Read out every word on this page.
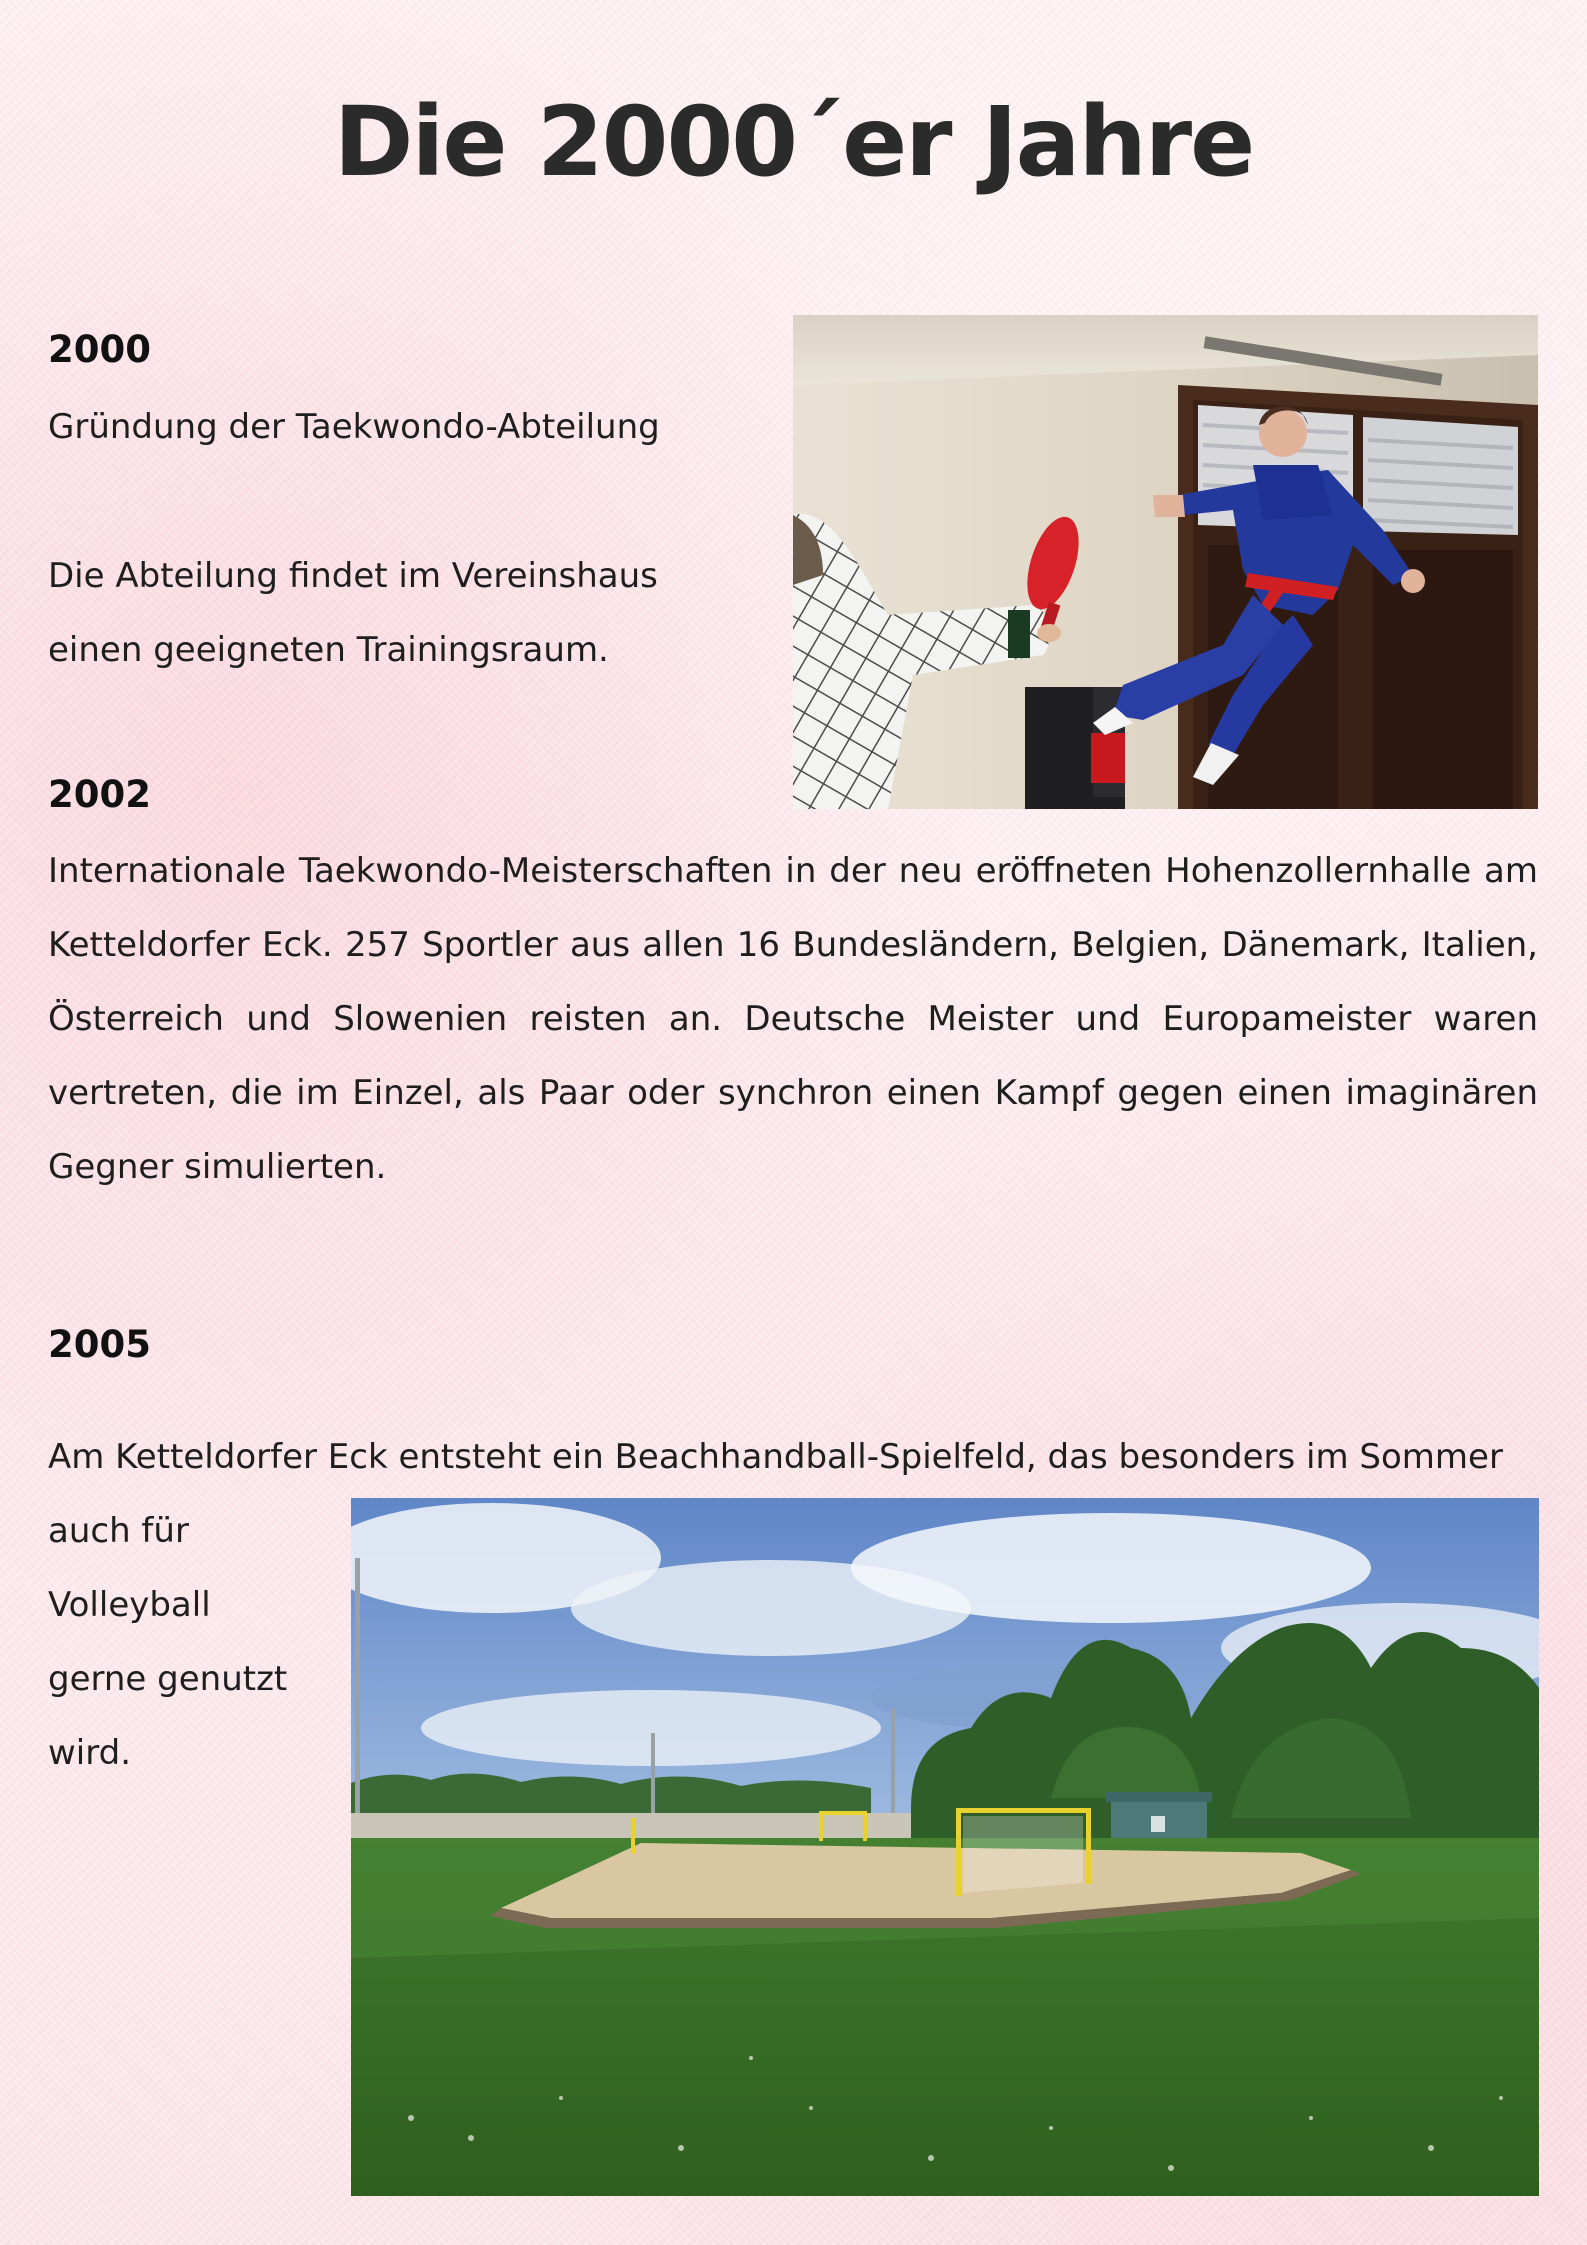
Die 2000´er Jahre

2000

Gründung der Taekwondo-Abteilung

Die Abteilung findet im Vereinshaus einen geeigneten Trainingsraum.

2002

Internationale Taekwondo-Meisterschaften in der neu eröffneten Hohenzollernhalle am Ketteldorfer Eck. 257 Sportler aus allen 16 Bundesländern, Belgien, Dänemark, Italien, Österreich und Slowenien reisten an. Deutsche Meister und Europameister waren vertreten, die im Einzel, als Paar oder synchron einen Kampf gegen einen imaginären Gegner simulierten.

2005

Am Ketteldorfer Eck entsteht ein Beachhandball-Spielfeld, das besonders im Sommer

auch für

Volleyball

gerne genutzt

wird.
